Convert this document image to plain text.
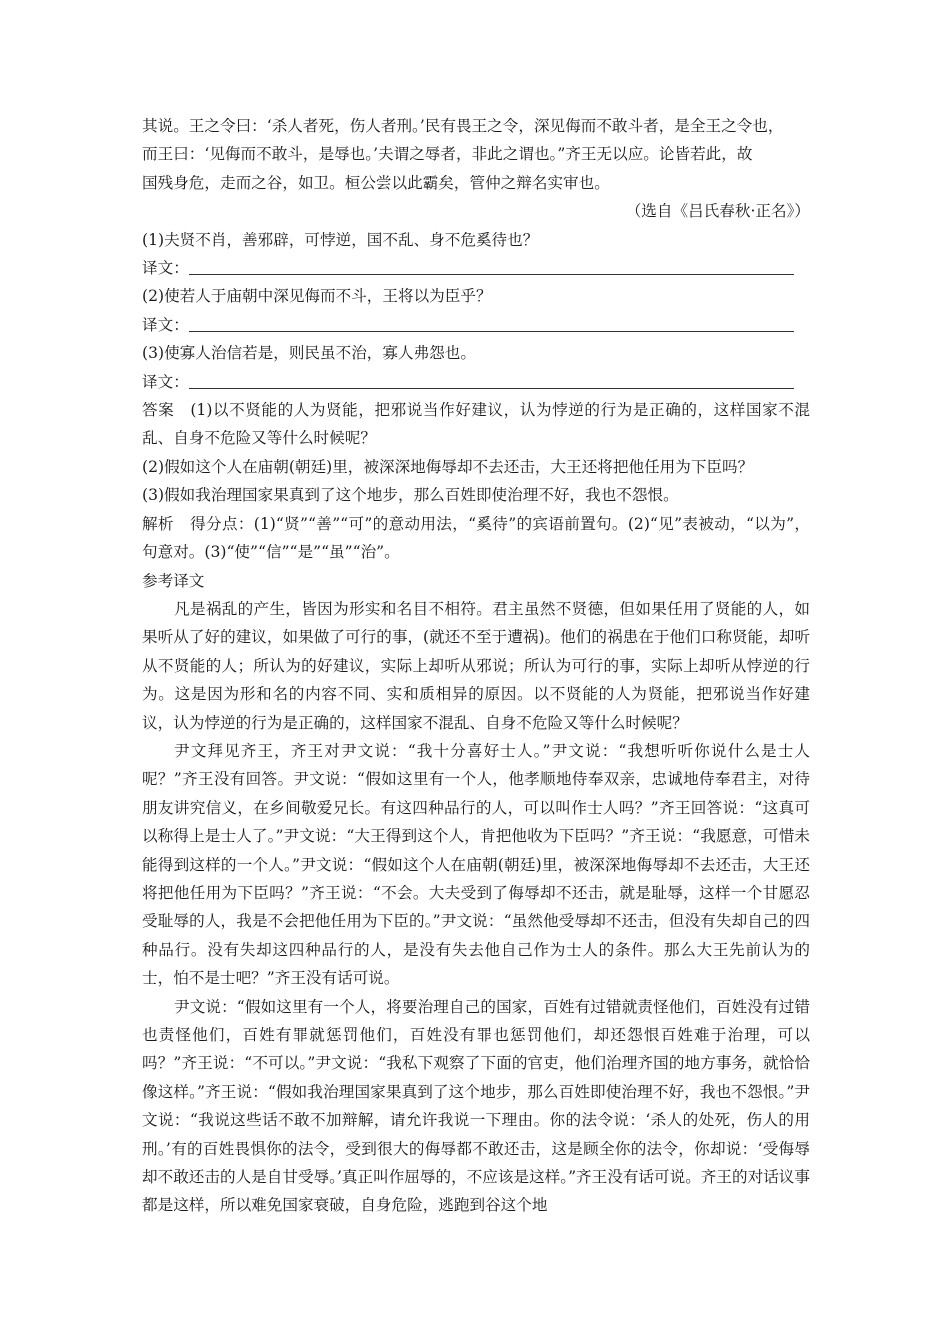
其说。王之令曰：‘杀人者死，伤人者刑。’民有畏王之令，深见侮而不敢斗者，是全王之令也，
而王曰：‘见侮而不敢斗，是辱也。’夫谓之辱者，非此之谓也。”齐王无以应。论皆若此，故
国残身危，走而之谷，如卫。桓公尝以此霸矣，管仲之辩名实审也。
（选自《吕氏春秋·正名》）
(1)夫贤不肖，善邪辟，可悖逆，国不乱、身不危奚待也？
译文：
(2)使若人于庙朝中深见侮而不斗，王将以为臣乎？
译文：
(3)使寡人治信若是，则民虽不治，寡人弗怨也。
译文：
答案 (1)以不贤能的人为贤能，把邪说当作好建议，认为悖逆的行为是正确的，这样国家不混乱、自身不危险又等什么时候呢？
(2)假如这个人在庙朝(朝廷)里，被深深地侮辱却不去还击，大王还将把他任用为下臣吗？
(3)假如我治理国家果真到了这个地步，那么百姓即使治理不好，我也不怨恨。
解析 得分点：(1)“贤”“善”“可”的意动用法，“奚待”的宾语前置句。(2)“见”表被动，“以为”，句意对。(3)“使”“信”“是”“虽”“治”。
参考译文
凡是祸乱的产生，皆因为形实和名目不相符。君主虽然不贤德，但如果任用了贤能的人，如果听从了好的建议，如果做了可行的事，(就还不至于遭祸)。他们的祸患在于他们口称贤能，却听从不贤能的人；所认为的好建议，实际上却听从邪说；所认为可行的事，实际上却听从悖逆的行为。这是因为形和名的内容不同、实和质相异的原因。以不贤能的人为贤能，把邪说当作好建议，认为悖逆的行为是正确的，这样国家不混乱、自身不危险又等什么时候呢？
尹文拜见齐王，齐王对尹文说：“我十分喜好士人。”尹文说：“我想听听你说什么是士人呢？”齐王没有回答。尹文说：“假如这里有一个人，他孝顺地侍奉双亲，忠诚地侍奉君主，对待朋友讲究信义，在乡间敬爱兄长。有这四种品行的人，可以叫作士人吗？”齐王回答说：“这真可以称得上是士人了。”尹文说：“大王得到这个人，肯把他收为下臣吗？”齐王说：“我愿意，可惜未能得到这样的一个人。”尹文说：“假如这个人在庙朝(朝廷)里，被深深地侮辱却不去还击，大王还将把他任用为下臣吗？”齐王说：“不会。大夫受到了侮辱却不还击，就是耻辱，这样一个甘愿忍受耻辱的人，我是不会把他任用为下臣的。”尹文说：“虽然他受辱却不还击，但没有失却自己的四种品行。没有失却这四种品行的人，是没有失去他自己作为士人的条件。那么大王先前认为的士，怕不是士吧？”齐王没有话可说。
尹文说：“假如这里有一个人，将要治理自己的国家，百姓有过错就责怪他们，百姓没有过错也责怪他们，百姓有罪就惩罚他们，百姓没有罪也惩罚他们，却还怨恨百姓难于治理，可以吗？”齐王说：“不可以。”尹文说：“我私下观察了下面的官吏，他们治理齐国的地方事务，就恰恰像这样。”齐王说：“假如我治理国家果真到了这个地步，那么百姓即使治理不好，我也不怨恨。”尹文说：“我说这些话不敢不加辩解，请允许我说一下理由。你的法令说：‘杀人的处死，伤人的用刑。’有的百姓畏惧你的法令，受到很大的侮辱都不敢还击，这是顾全你的法令，你却说：‘受侮辱却不敢还击的人是自甘受辱。’真正叫作屈辱的，不应该是这样。”齐王没有话可说。齐王的对话议事都是这样，所以难免国家衰破，自身危险，逃跑到谷这个地
